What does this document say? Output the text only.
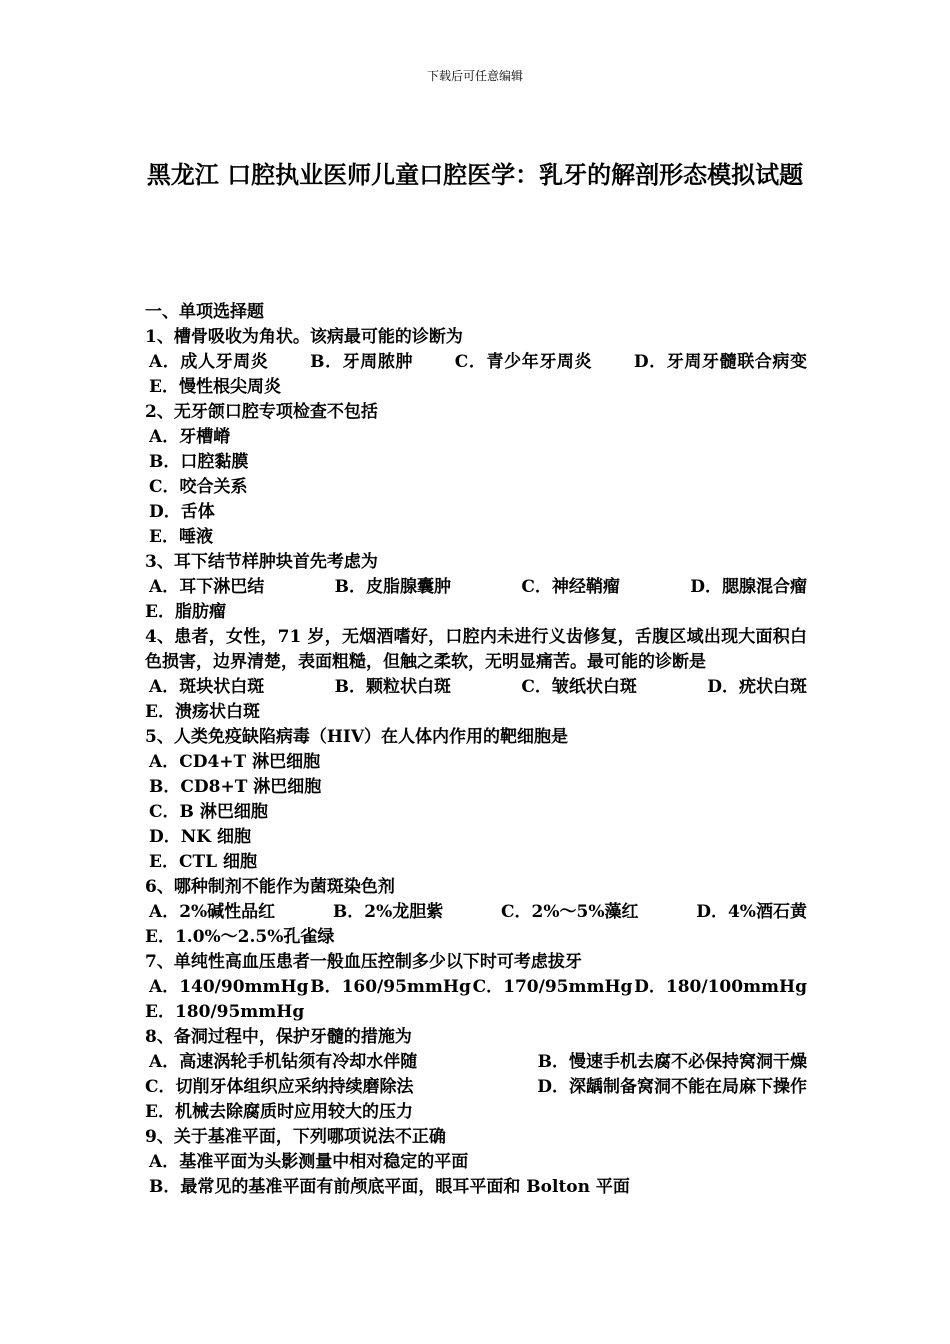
下载后可任意编辑
黑龙江 口腔执业医师儿童口腔医学：乳牙的解剖形态模拟试题
一、单项选择题
1、槽骨吸收为角状。该病最可能的诊断为
A．成人牙周炎　　 B．牙周脓肿　　 C．青少年牙周炎　　 D．牙周牙髓联合病变　　 E．慢性根尖周炎
2、无牙颌口腔专项检查不包括
A．牙槽嵴
B．口腔黏膜
C．咬合关系
D．舌体
E．唾液
3、耳下结节样肿块首先考虑为
A．耳下淋巴结	B．皮脂腺囊肿	C．神经鞘瘤	D．腮腺混合瘤
E．脂肪瘤
4、患者，女性，71 岁，无烟酒嗜好，口腔内未进行义齿修复，舌腹区域出现大面积白色损害，边界清楚，表面粗糙，但触之柔软，无明显痛苦。最可能的诊断是
A．斑块状白斑	B．颗粒状白斑	C．皱纸状白斑	D．疣状白斑
E．溃疡状白斑
5、人类免疫缺陷病毒（HIV）在人体内作用的靶细胞是
A．CD4+T 淋巴细胞
B．CD8+T 淋巴细胞
C．B 淋巴细胞
D．NK 细胞
E．CTL 细胞
6、哪种制剂不能作为菌斑染色剂
A．2%碱性品红	B．2%龙胆紫	C．2%～5%藻红	D．4%酒石黄
E．1.0%～2.5%孔雀绿
7、单纯性高血压患者一般血压控制多少以下时可考虑拔牙
A．140/90mmHg B．160/95mmHg C．170/95mmHg D．180/100mmHg
E．180/95mmHg
8、备洞过程中，保护牙髓的措施为
A．高速涡轮手机钻须有冷却水伴随	B．慢速手机去腐不必保持窝洞干燥
C．切削牙体组织应采纳持续磨除法	D．深龋制备窝洞不能在局麻下操作
E．机械去除腐质时应用较大的压力
9、关于基准平面，下列哪项说法不正确
A．基准平面为头影测量中相对稳定的平面
B．最常见的基准平面有前颅底平面，眼耳平面和 Bolton 平面
